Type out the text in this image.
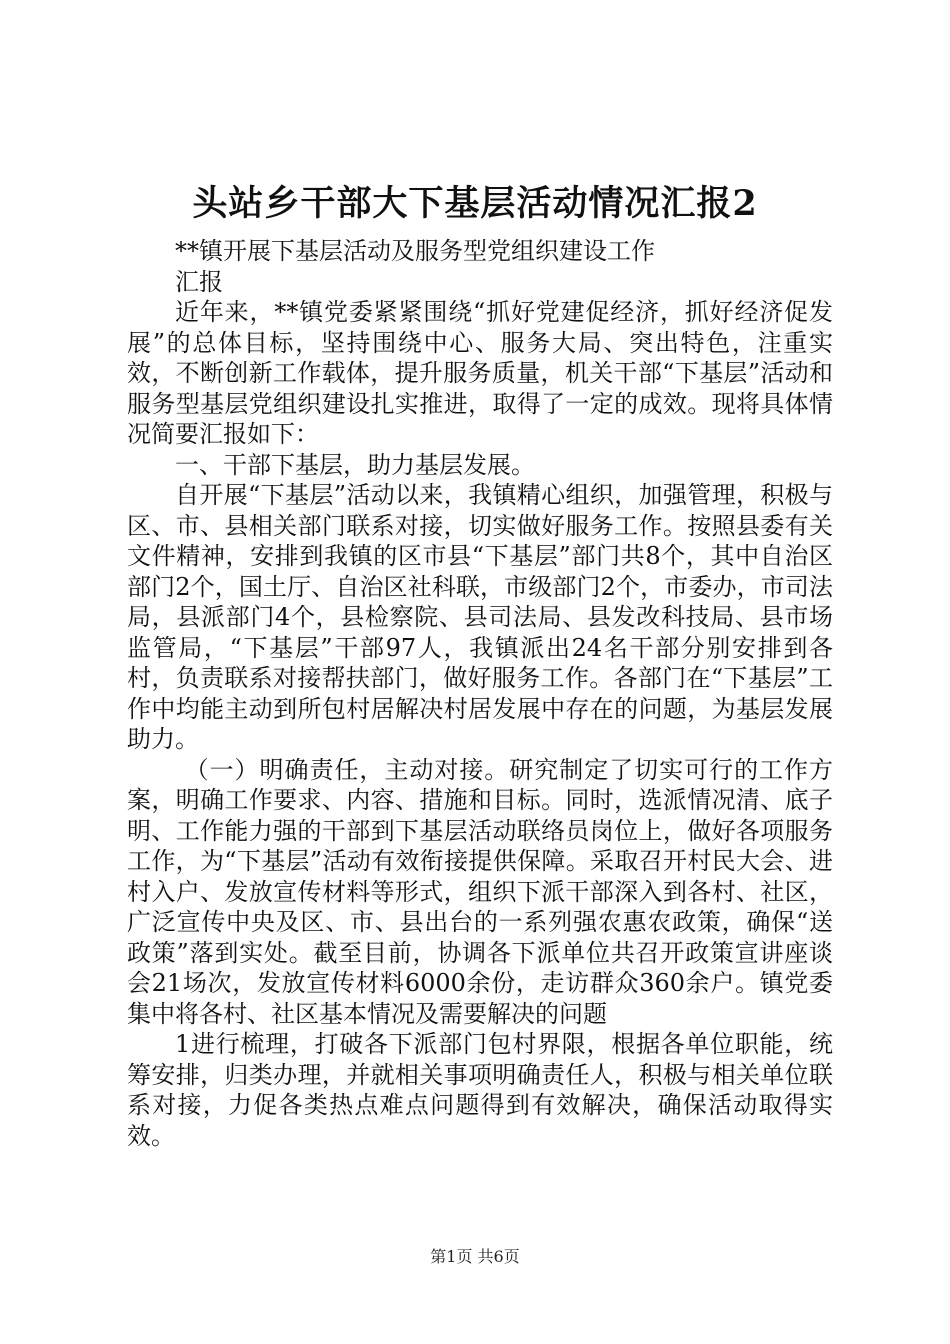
头站乡干部大下基层活动情况汇报2

**镇开展下基层活动及服务型党组织建设工作

汇报

近年来，**镇党委紧紧围绕“抓好党建促经济，抓好经济促发展”的总体目标，坚持围绕中心、服务大局、突出特色，注重实效，不断创新工作载体，提升服务质量，机关干部“下基层”活动和服务型基层党组织建设扎实推进，取得了一定的成效。现将具体情况简要汇报如下：

一、干部下基层，助力基层发展。

自开展“下基层”活动以来，我镇精心组织，加强管理，积极与区、市、县相关部门联系对接，切实做好服务工作。按照县委有关文件精神，安排到我镇的区市县“下基层”部门共8个，其中自治区部门2个，国土厅、自治区社科联，市级部门2个，市委办，市司法局，县派部门4个，县检察院、县司法局、县发改科技局、县市场监管局，“下基层”干部97人，我镇派出24名干部分别安排到各村，负责联系对接帮扶部门，做好服务工作。各部门在“下基层”工作中均能主动到所包村居解决村居发展中存在的问题，为基层发展助力。

（一）明确责任，主动对接。研究制定了切实可行的工作方案，明确工作要求、内容、措施和目标。同时，选派情况清、底子明、工作能力强的干部到下基层活动联络员岗位上，做好各项服务工作，为“下基层”活动有效衔接提供保障。采取召开村民大会、进村入户、发放宣传材料等形式，组织下派干部深入到各村、社区，广泛宣传中央及区、市、县出台的一系列强农惠农政策，确保“送政策”落到实处。截至目前，协调各下派单位共召开政策宣讲座谈会21场次，发放宣传材料6000余份，走访群众360余户。镇党委集中将各村、社区基本情况及需要解决的问题

1进行梳理，打破各下派部门包村界限，根据各单位职能，统筹安排，归类办理，并就相关事项明确责任人，积极与相关单位联系对接，力促各类热点难点问题得到有效解决，确保活动取得实效。

第1页 共6页
